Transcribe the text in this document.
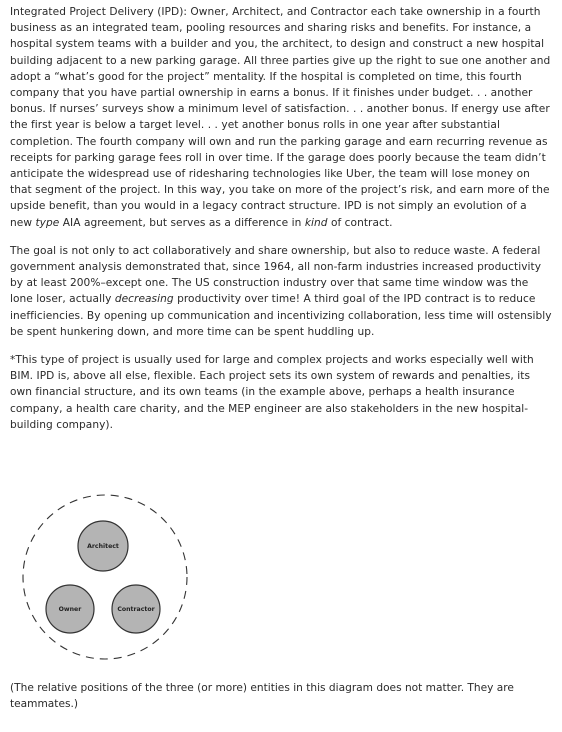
Integrated Project Delivery (IPD): Owner, Architect, and Contractor each take ownership in a fourth business as an integrated team, pooling resources and sharing risks and benefits. For instance, a hospital system teams with a builder and you, the architect, to design and construct a new hospital building adjacent to a new parking garage. All three parties give up the right to sue one another and adopt a “what’s good for the project” mentality. If the hospital is completed on time, this fourth company that you have partial ownership in earns a bonus. If it finishes under budget. . . another bonus. If nurses’ surveys show a minimum level of satisfaction. . . another bonus. If energy use after the first year is below a target level. . . yet another bonus rolls in one year after substantial completion. The fourth company will own and run the parking garage and earn recurring revenue as receipts for parking garage fees roll in over time. If the garage does poorly because the team didn’t anticipate the widespread use of ridesharing technologies like Uber, the team will lose money on that segment of the project. In this way, you take on more of the project’s risk, and earn more of the upside benefit, than you would in a legacy contract structure. IPD is not simply an evolution of a new type AIA agreement, but serves as a difference in kind of contract.

The goal is not only to act collaboratively and share ownership, but also to reduce waste. A federal government analysis demonstrated that, since 1964, all non-farm industries increased productivity by at least 200%–except one. The US construction industry over that same time window was the lone loser, actually decreasing productivity over time! A third goal of the IPD contract is to reduce inefficiencies. By opening up communication and incentivizing collaboration, less time will ostensibly be spent hunkering down, and more time can be spent huddling up.

*This type of project is usually used for large and complex projects and works especially well with BIM. IPD is, above all else, flexible. Each project sets its own system of rewards and penalties, its own financial structure, and its own teams (in the example above, perhaps a health insurance company, a health care charity, and the MEP engineer are also stakeholders in the new hospital-building company).

Architect
Owner	Contractor

(The relative positions of the three (or more) entities in this diagram does not matter. They are teammates.)
